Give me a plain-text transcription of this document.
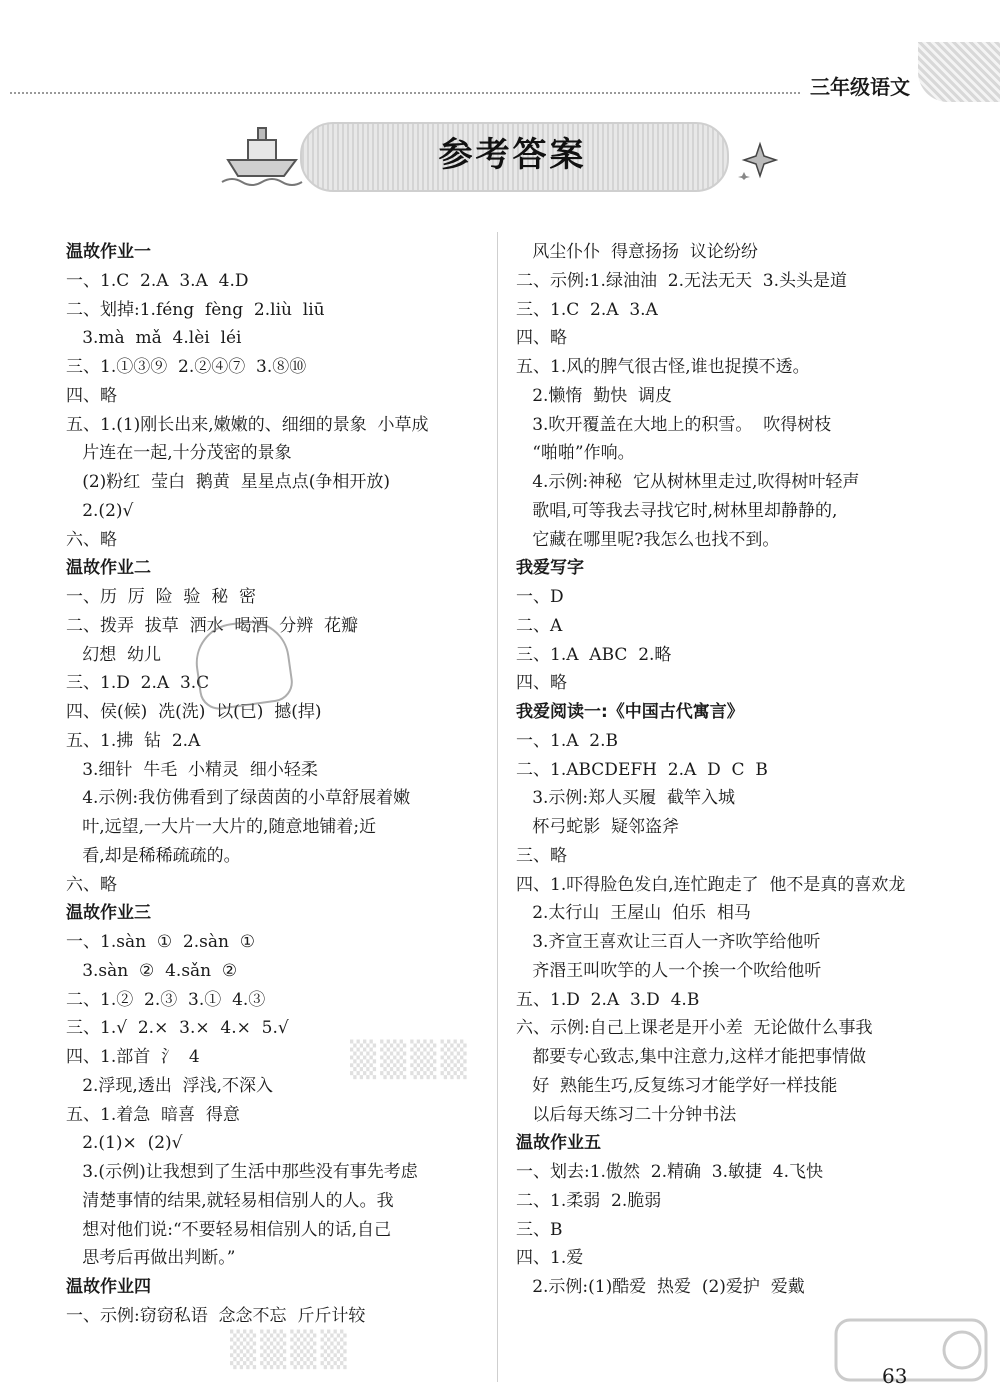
三年级语文
参考答案
温故作业一
一、1.C  2.A  3.A  4.D
二、划掉:1.féng  fèng  2.liù  liū
3.mà  mǎ  4.lèi  léi
三、1.①③⑨  2.②④⑦  3.⑧⑩
四、略
五、1.(1)刚长出来,嫩嫩的、细细的景象  小草成
片连在一起,十分茂密的景象
(2)粉红  莹白  鹅黄  星星点点(争相开放)
2.(2)√
六、略
温故作业二
一、历  厉  险  验  秘  密
二、拨弄  拔草  洒水  喝酒  分辨  花瓣
幻想  幼儿
三、1.D  2.A  3.C
四、侯(候)  冼(洗)  以(已)  撼(捍)
五、1.拂  钻  2.A
3.细针  牛毛  小精灵  细小轻柔
4.示例:我仿佛看到了绿茵茵的小草舒展着嫩
叶,远望,一大片一大片的,随意地铺着;近
看,却是稀稀疏疏的。
六、略
温故作业三
一、1.sàn  ①  2.sàn  ①
3.sàn  ②  4.sǎn  ②
二、1.②  2.③  3.①  4.③
三、1.√  2.×  3.×  4.×  5.√
四、1.部首  氵  4
2.浮现,透出  浮浅,不深入
五、1.着急  暗喜  得意
2.(1)×  (2)√
3.(示例)让我想到了生活中那些没有事先考虑
清楚事情的结果,就轻易相信别人的人。我
想对他们说:“不要轻易相信别人的话,自己
思考后再做出判断。”
温故作业四
一、示例:窃窃私语  念念不忘  斤斤计较
风尘仆仆  得意扬扬  议论纷纷
二、示例:1.绿油油  2.无法无天  3.头头是道
三、1.C  2.A  3.A
四、略
五、1.风的脾气很古怪,谁也捉摸不透。
2.懒惰  勤快  调皮
3.吹开覆盖在大地上的积雪。  吹得树枝
“啪啪”作响。
4.示例:神秘  它从树林里走过,吹得树叶轻声
歌唱,可等我去寻找它时,树林里却静静的,
它藏在哪里呢?我怎么也找不到。
我爱写字
一、D
二、A
三、1.A  ABC  2.略
四、略
我爱阅读一:《中国古代寓言》
一、1.A  2.B
二、1.ABCDEFH  2.A  D  C  B
3.示例:郑人买履  截竿入城
杯弓蛇影  疑邻盗斧
三、略
四、1.吓得脸色发白,连忙跑走了  他不是真的喜欢龙
2.太行山  王屋山  伯乐  相马
3.齐宣王喜欢让三百人一齐吹竽给他听
齐湣王叫吹竽的人一个挨一个吹给他听
五、1.D  2.A  3.D  4.B
六、示例:自己上课老是开小差  无论做什么事我
都要专心致志,集中注意力,这样才能把事情做
好  熟能生巧,反复练习才能学好一样技能
以后每天练习二十分钟书法
温故作业五
一、划去:1.傲然  2.精确  3.敏捷  4.飞快
二、1.柔弱  2.脆弱
三、B
四、1.爱
2.示例:(1)酷爱  热爱  (2)爱护  爱戴
▒▒▒▒
▒▒▒▒
63
